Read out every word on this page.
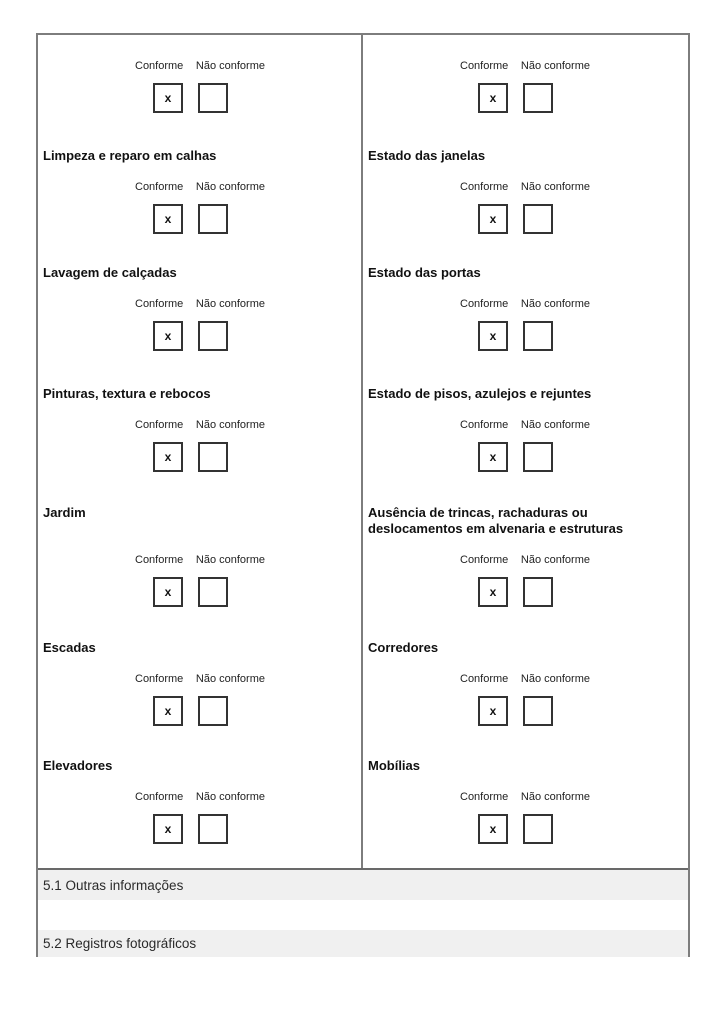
Conforme Não conforme
x
Limpeza e reparo em calhas
Conforme Não conforme
x
Lavagem de calçadas
Conforme Não conforme
x
Pinturas, textura e rebocos
Conforme Não conforme
x
Jardim
Conforme Não conforme
x
Escadas
Conforme Não conforme
x
Elevadores
Conforme Não conforme
x
Conforme Não conforme
x
Estado das janelas
Conforme Não conforme
x
Estado das portas
Conforme Não conforme
x
Estado de pisos, azulejos e rejuntes
Conforme Não conforme
x
Ausência de trincas, rachaduras ou deslocamentos em alvenaria e estruturas
Conforme Não conforme
x
Corredores
Conforme Não conforme
x
Mobílias
Conforme Não conforme
x
5.1 Outras informações
5.2 Registros fotográficos
